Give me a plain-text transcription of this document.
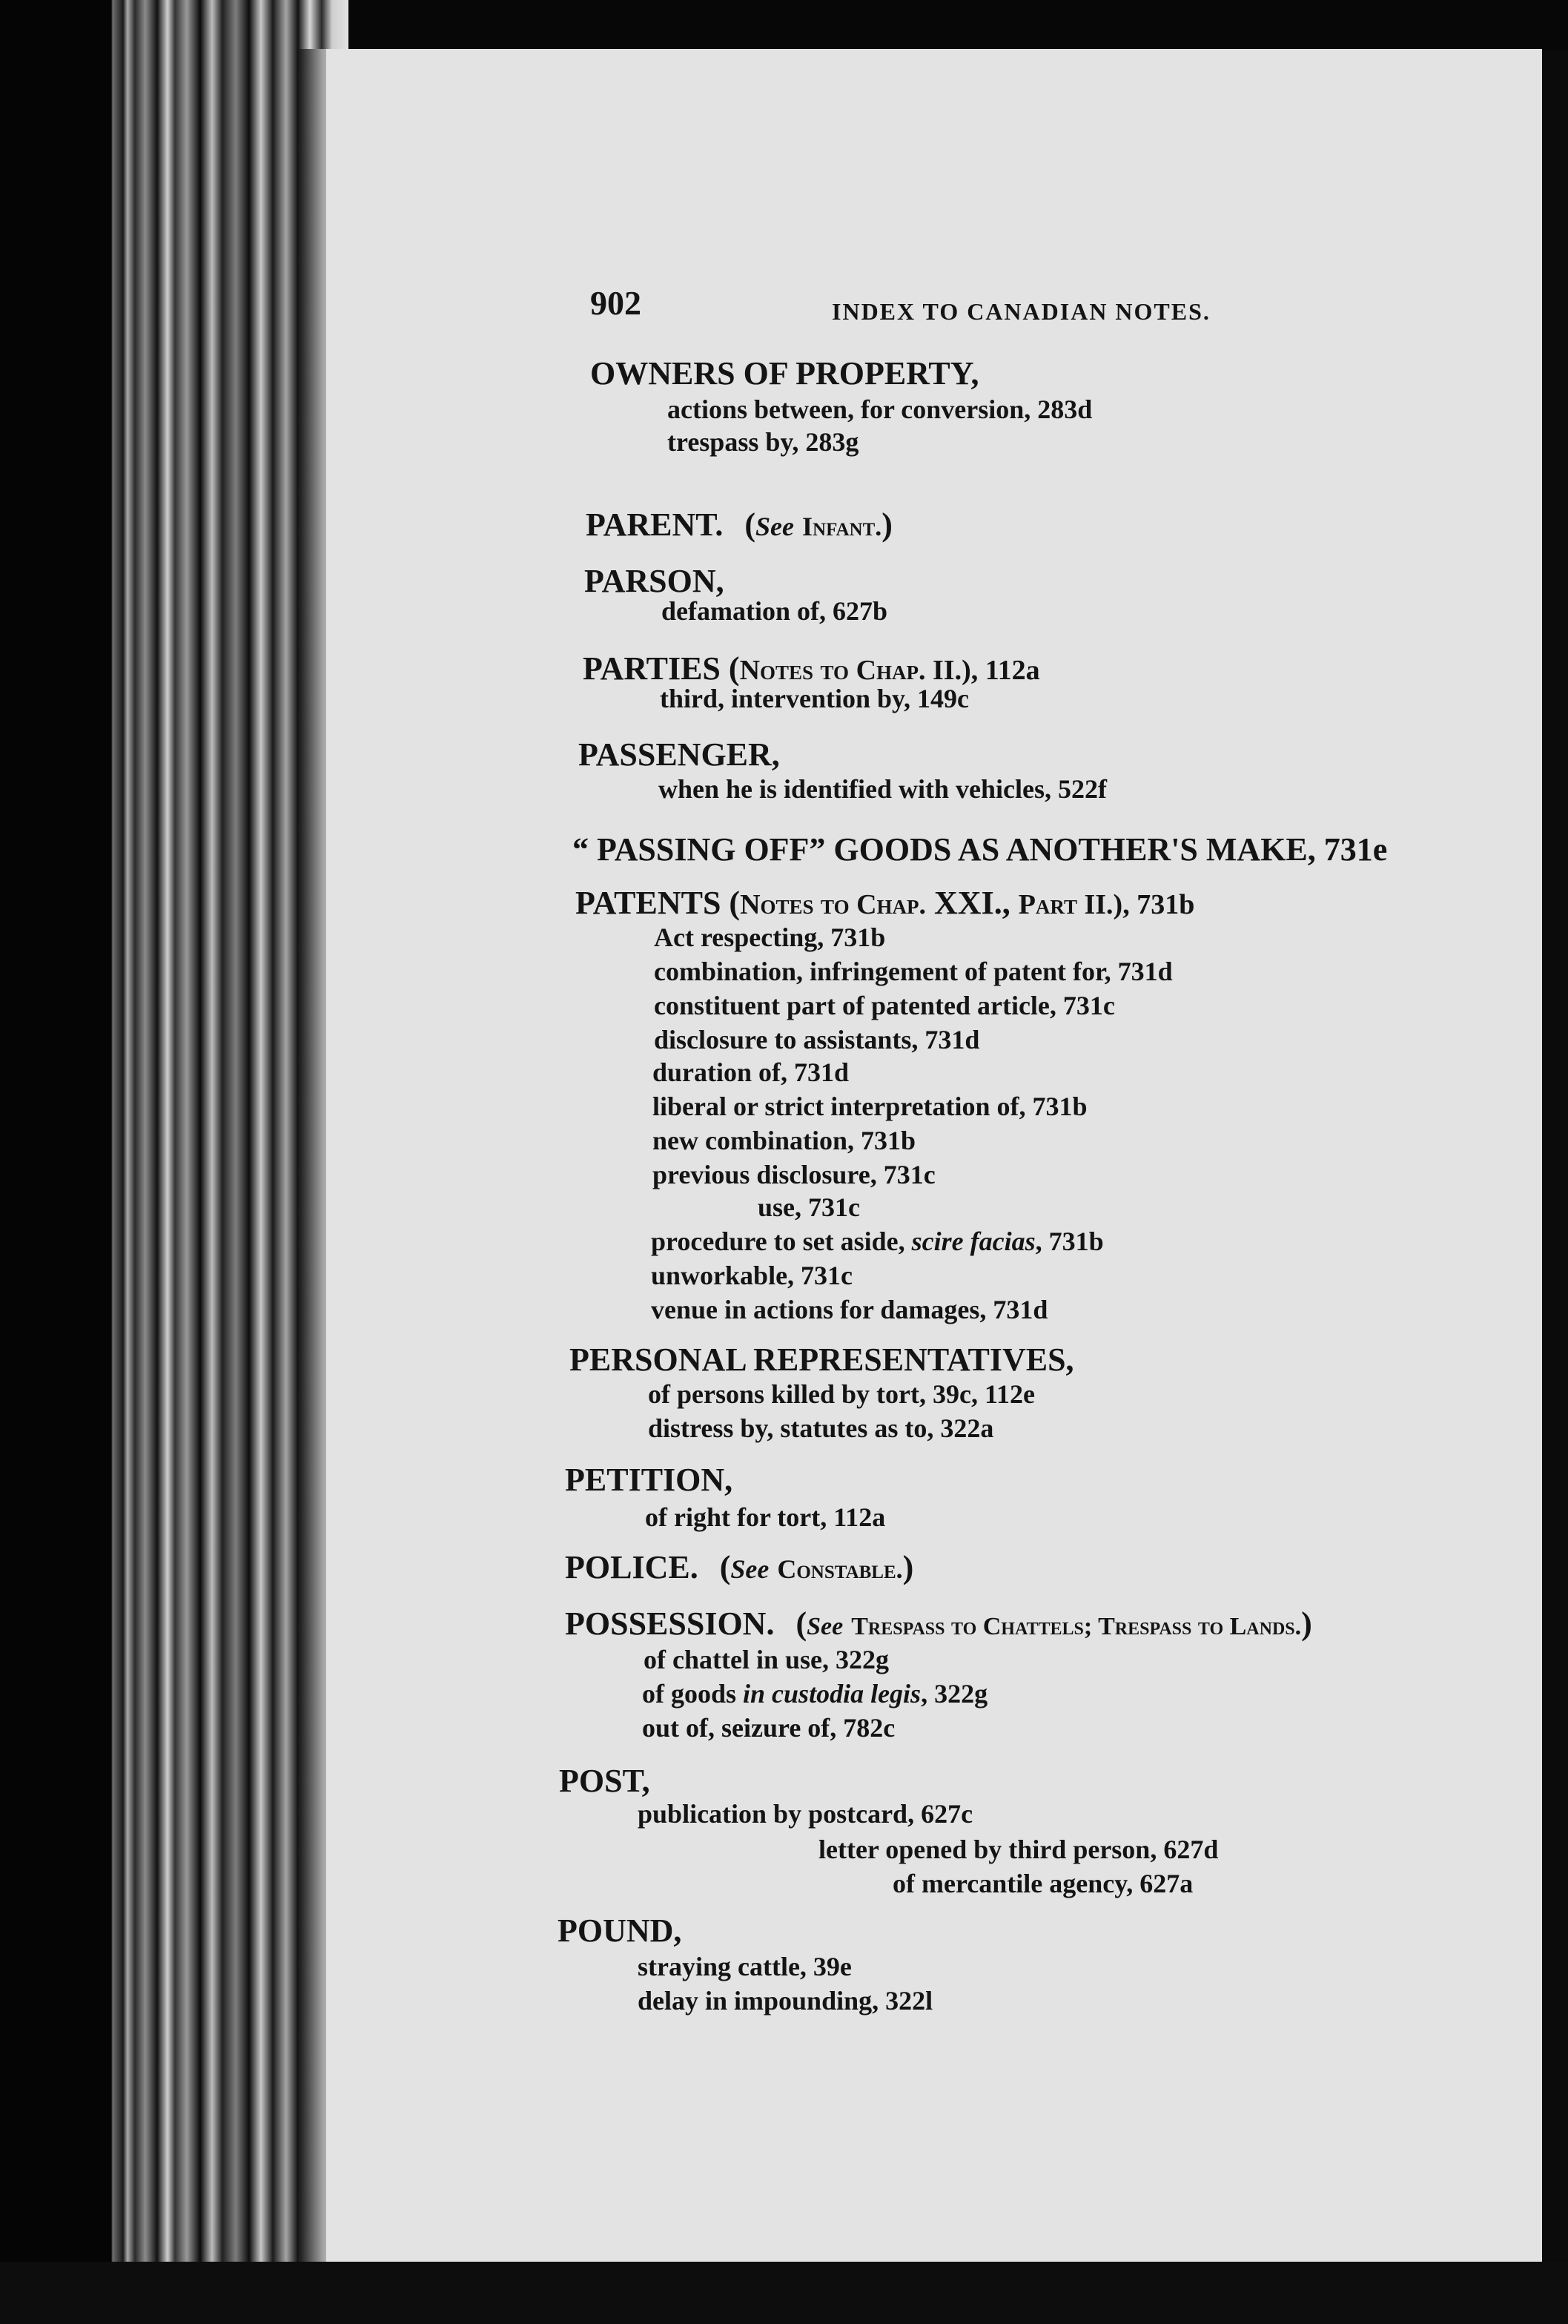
902	INDEX TO CANADIAN NOTES.
OWNERS OF PROPERTY,
actions between, for conversion, 283d
trespass by, 283g
PARENT. (See Infant.)
PARSON,
defamation of, 627b
PARTIES (Notes to Chap. II.), 112a
third, intervention by, 149c
PASSENGER,
when he is identified with vehicles, 522f
“ PASSING OFF” GOODS AS ANOTHER'S MAKE, 731e
PATENTS (Notes to Chap. XXI., Part II.), 731b
Act respecting, 731b
combination, infringement of patent for, 731d
constituent part of patented article, 731c
disclosure to assistants, 731d
duration of, 731d
liberal or strict interpretation of, 731b
new combination, 731b
previous disclosure, 731c
use, 731c
procedure to set aside, scire facias, 731b
unworkable, 731c
venue in actions for damages, 731d
PERSONAL REPRESENTATIVES,
of persons killed by tort, 39c, 112e
distress by, statutes as to, 322a
PETITION,
of right for tort, 112a
POLICE. (See Constable.)
POSSESSION. (See Trespass to Chattels; Trespass to Lands.)
of chattel in use, 322g
of goods in custodia legis, 322g
out of, seizure of, 782c
POST,
publication by postcard, 627c
letter opened by third person, 627d
of mercantile agency, 627a
POUND,
straying cattle, 39e
delay in impounding, 322l
